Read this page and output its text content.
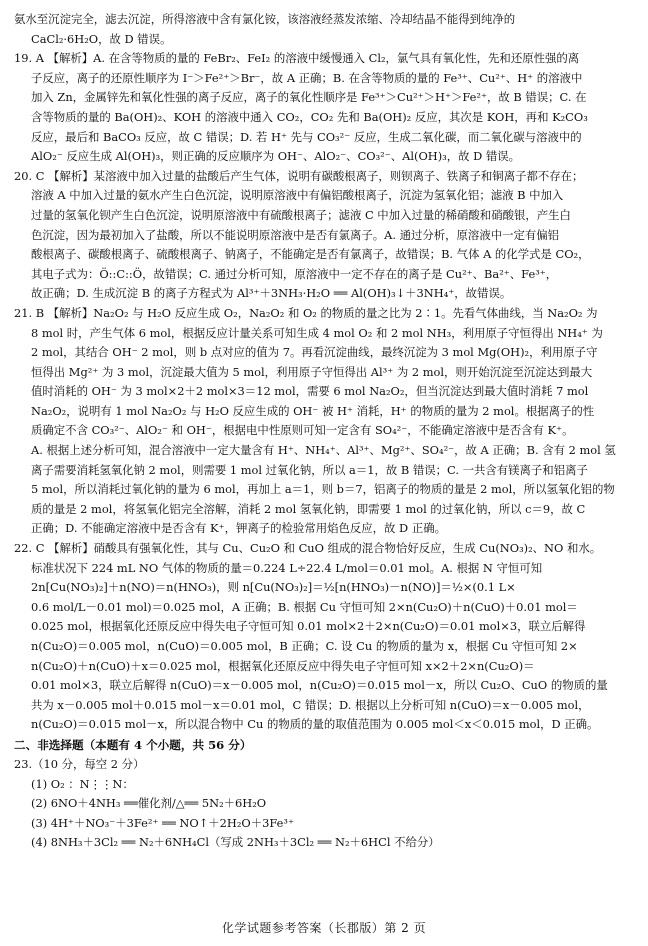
氨水至沉淀完全，滤去沉淀，所得溶液中含有氯化铵，该溶液经蒸发浓缩、冷却结晶不能得到纯净的
CaCl₂·6H₂O，故 D 错误。
19. A 【解析】A. 在含等物质的量的 FeBr₂、FeI₂ 的溶液中缓慢通入 Cl₂，氯气具有氧化性，先和还原性强的离
子反应，离子的还原性顺序为 I⁻＞Fe²⁺＞Br⁻，故 A 正确；B. 在含等物质的量的 Fe³⁺、Cu²⁺、H⁺ 的溶液中
加入 Zn，金属锌先和氧化性强的离子反应，离子的氧化性顺序是 Fe³⁺＞Cu²⁺＞H⁺＞Fe²⁺，故 B 错误；C. 在
含等物质的量的 Ba(OH)₂、KOH 的溶液中通入 CO₂，CO₂ 先和 Ba(OH)₂ 反应，其次是 KOH，再和 K₂CO₃
反应，最后和 BaCO₃ 反应，故 C 错误；D. 若 H⁺ 先与 CO₃²⁻ 反应，生成二氧化碳，而二氧化碳与溶液中的
AlO₂⁻ 反应生成 Al(OH)₃，则正确的反应顺序为 OH⁻、AlO₂⁻、CO₃²⁻、Al(OH)₃，故 D 错误。
20. C 【解析】某溶液中加入过量的盐酸后产生气体，说明有碳酸根离子，则钡离子、铁离子和铜离子都不存在；
溶液 A 中加入过量的氨水产生白色沉淀，说明原溶液中有偏铝酸根离子，沉淀为氢氧化铝；滤液 B 中加入
过量的氢氧化钡产生白色沉淀，说明原溶液中有硫酸根离子；滤液 C 中加入过量的稀硝酸和硝酸银，产生白
色沉淀，因为最初加入了盐酸，所以不能说明原溶液中是否有氯离子。A. 通过分析，原溶液中一定有偏铝
酸根离子、碳酸根离子、硫酸根离子、钠离子，不能确定是否有氯离子，故错误；B. 气体 A 的化学式是 CO₂，
其电子式为：Ö::C::Ö，故错误；C. 通过分析可知，原溶液中一定不存在的离子是 Cu²⁺、Ba²⁺、Fe³⁺，
故正确；D. 生成沉淀 B 的离子方程式为 Al³⁺＋3NH₃·H₂O ══ Al(OH)₃↓＋3NH₄⁺，故错误。
21. B 【解析】Na₂O₂ 与 H₂O 反应生成 O₂，Na₂O₂ 和 O₂ 的物质的量之比为 2∶1。先看气体曲线，当 Na₂O₂ 为
8 mol 时，产生气体 6 mol，根据反应计量关系可知生成 4 mol O₂ 和 2 mol NH₃，利用原子守恒得出 NH₄⁺ 为
2 mol，其结合 OH⁻ 2 mol，则 b 点对应的值为 7。再看沉淀曲线，最终沉淀为 3 mol Mg(OH)₂，利用原子守
恒得出 Mg²⁺ 为 3 mol，沉淀最大值为 5 mol，利用原子守恒得出 Al³⁺ 为 2 mol，则开始沉淀至沉淀达到最大
值时消耗的 OH⁻ 为 3 mol×2＋2 mol×3＝12 mol，需要 6 mol Na₂O₂，但当沉淀达到最大值时消耗 7 mol
Na₂O₂，说明有 1 mol Na₂O₂ 与 H₂O 反应生成的 OH⁻ 被 H⁺ 消耗，H⁺ 的物质的量为 2 mol。根据离子的性
质确定不含 CO₃²⁻、AlO₂⁻ 和 OH⁻，根据电中性原则可知一定含有 SO₄²⁻，不能确定溶液中是否含有 K⁺。
A. 根据上述分析可知，混合溶液中一定大量含有 H⁺、NH₄⁺、Al³⁺、Mg²⁺、SO₄²⁻，故 A 正确；B. 含有 2 mol 氢
离子需要消耗氢氧化钠 2 mol，则需要 1 mol 过氧化钠，所以 a＝1，故 B 错误；C. 一共含有镁离子和铝离子
5 mol，所以消耗过氧化钠的量为 6 mol，再加上 a＝1，则 b＝7，铝离子的物质的量是 2 mol，所以氢氧化铝的物
质的量是 2 mol，将氢氧化铝完全溶解，消耗 2 mol 氢氧化钠，即需要 1 mol 的过氧化钠，所以 c＝9，故 C
正确；D. 不能确定溶液中是否含有 K⁺，钾离子的检验常用焰色反应，故 D 正确。
22. C 【解析】硝酸具有强氧化性，其与 Cu、Cu₂O 和 CuO 组成的混合物恰好反应，生成 Cu(NO₃)₂、NO 和水。
标准状况下 224 mL NO 气体的物质的量＝0.224 L÷22.4 L/mol＝0.01 mol。A. 根据 N 守恒可知
2n[Cu(NO₃)₂]＋n(NO)＝n(HNO₃)，则 n[Cu(NO₃)₂]＝½[n(HNO₃)－n(NO)]＝½×(0.1 L×
0.6 mol/L－0.01 mol)＝0.025 mol，A 正确；B. 根据 Cu 守恒可知 2×n(Cu₂O)＋n(CuO)＋0.01 mol＝
0.025 mol，根据氧化还原反应中得失电子守恒可知 0.01 mol×2＋2×n(Cu₂O)＝0.01 mol×3，联立后解得
n(Cu₂O)＝0.005 mol，n(CuO)＝0.005 mol，B 正确；C. 设 Cu 的物质的量为 x，根据 Cu 守恒可知 2×
n(Cu₂O)＋n(CuO)＋x＝0.025 mol，根据氧化还原反应中得失电子守恒可知 x×2＋2×n(Cu₂O)＝
0.01 mol×3，联立后解得 n(CuO)＝x－0.005 mol，n(Cu₂O)＝0.015 mol－x，所以 Cu₂O、CuO 的物质的量
共为 x－0.005 mol＋0.015 mol－x＝0.01 mol，C 错误；D. 根据以上分析可知 n(CuO)＝x－0.005 mol，
n(Cu₂O)＝0.015 mol－x，所以混合物中 Cu 的物质的量的取值范围为 0.005 mol＜x＜0.015 mol，D 正确。
二、非选择题（本题有 4 个小题，共 56 分）
23.（10 分，每空 2 分）
(1) O₂ ：N⋮⋮N：
(2) 6NO＋4NH₃ ══催化剂/△══ 5N₂＋6H₂O
(3) 4H⁺＋NO₃⁻＋3Fe²⁺ ══ NO↑＋2H₂O＋3Fe³⁺
(4) 8NH₃＋3Cl₂ ══ N₂＋6NH₄Cl（写成 2NH₃＋3Cl₂ ══ N₂＋6HCl 不给分）
化学试题参考答案（长郡版）第 2 页
